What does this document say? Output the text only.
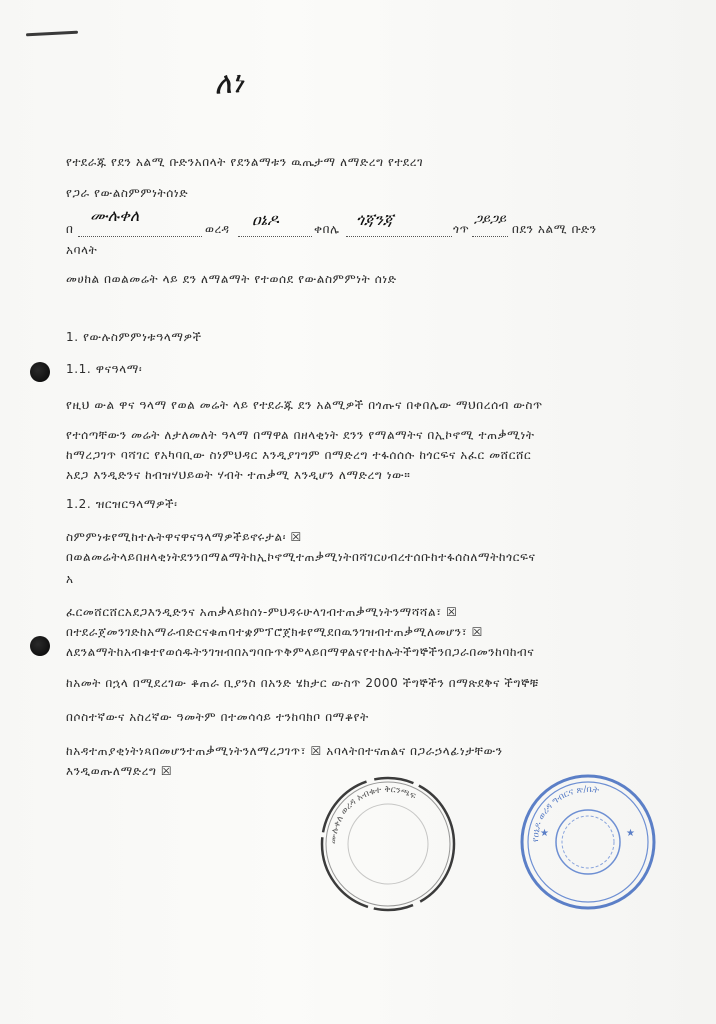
ለነ
የተደራጁ የደን አልሚ ቡድንአበላት የደንልማቱን ዉጤታማ ለማድረግ የተደረገ
የጋራ የውልስምምነትሰነድ
በ
ሙሉቀለ
ወረዳ ዐኔዶ	ቀበሌ ጎጃንጃ	ጎጥ
ጋይጋይ
በደን አልሚ ቡድን
አባላት
መሀከል በወልመሬት ላይ ደን ለማልማት የተወሰደ የውልስምምነት ሰነድ
1. የውሉስምምነቱዓላማዎች
1.1. ዋናዓላማ፡
የዚህ ውል ዋና ዓላማ የወል መሬት ላይ የተደራጁ ደን አልሚዎች በጎጡና በቀበሌው ማህበረሰብ ውስጥ
የተሰጣቸውን መሬት ለታለመለት ዓላማ በማዋል በዘላቂነት ደንን የማልማትና በኢኮኖሚ ተጠቃሚነት
ከማረጋገጥ ባሻገር የአካባቢው ስነምህዳር እንዲያገግም በማድረግ ተፋሰሰሱ ከጎርፍና አፈር መሸርሸር
አደጋ እንዲድንና ከብዝሃህይወት ሃብት ተጠቃሚ እንዲሆን ለማድረግ ነው።
1.2. ዝርዝርዓላማዎች፡
ስምምነቱየሚከተሉትዋናዋናዓላማዎችይኖሩታል፡ ☒
በወልመሬትላይበዘላቂነትደንንበማልማትከኢኮኖሚተጠቃሚነትበሻገርሀብረተሰቡከተፋሰስለማትከጎርፍና
አ
ፈርመሸርሸርአደጋእንዲድንና አጠቃላይከሰነ-ምህዳሩሁላገብተጠቃሚነትንማሻሻል፣ ☒
በተደራጀመንገድከአማራብድርናቁጠባተቋምፕሮጀክቱየሚደበዉንገዝብተጠቃሚለመሆን፣ ☒
ለደንልማትከአብቁተየወሰዱትንገዝብበአግባቡጥቅምላይበማዋልናየተከሉትችግኞችንበጋራበመንከባከብና
ከአመት በኋላ በሚደረገው ቆጠራ ቢያንስ በአንድ ሄክታር ውስጥ 2000 ችግኞችን በማጽደቅና ችግኞቹ
በሶስተኛውና አስረኛው ዓመትም በተመሳሳይ ተንከባክቦ በማቆየት
ከአዳተጠያቂነትነጻበመሆንተጠቃሚነትንለማረጋገጥ፣ ☒ አባላትበተናጠልና በጋራኃላፊነታቸውን
እንዲወጡለማድረግ ☒
ሙሉቀለ ወረዳ አብቁተ ቅርንጫፍ
★	★
የዐኔዶ ወረዳ ግብርና ጽ/ቤት
